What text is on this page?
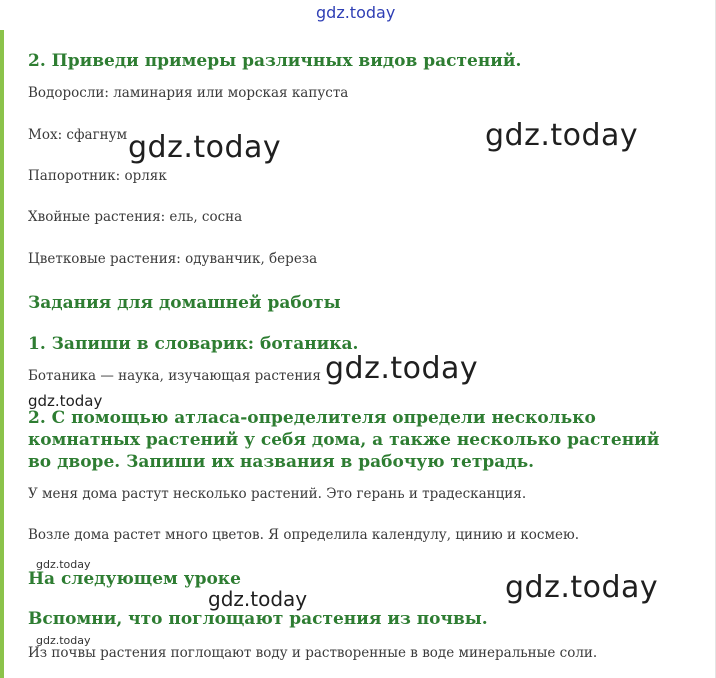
gdz.today
2. Приведи примеры различных видов растений.

Водоросли: ламинария или морская капуста

Мох: сфагнум

Папоротник: орляк

Хвойные растения: ель, сосна

Цветковые растения: одуванчик, береза

Задания для домашней работы
1. Запиши в словарик: ботаника.

Ботаника — наука, изучающая растения

2. С помощью атласа-определителя определи несколько комнатных растений у себя дома, а также несколько растений во дворе. Запиши их названия в рабочую тетрадь.

У меня дома растут несколько растений. Это герань и традесканция.

Возле дома растет много цветов. Я определила календулу, цинию и космею.

На следующем уроке
Вспомни, что поглощают растения из почвы.

Из почвы растения поглощают воду и растворенные в воде минеральные соли.

gdz.today	gdz.today
gdz.today
gdz.today
gdz.today
gdz.today
gdz.today
gdz.today
